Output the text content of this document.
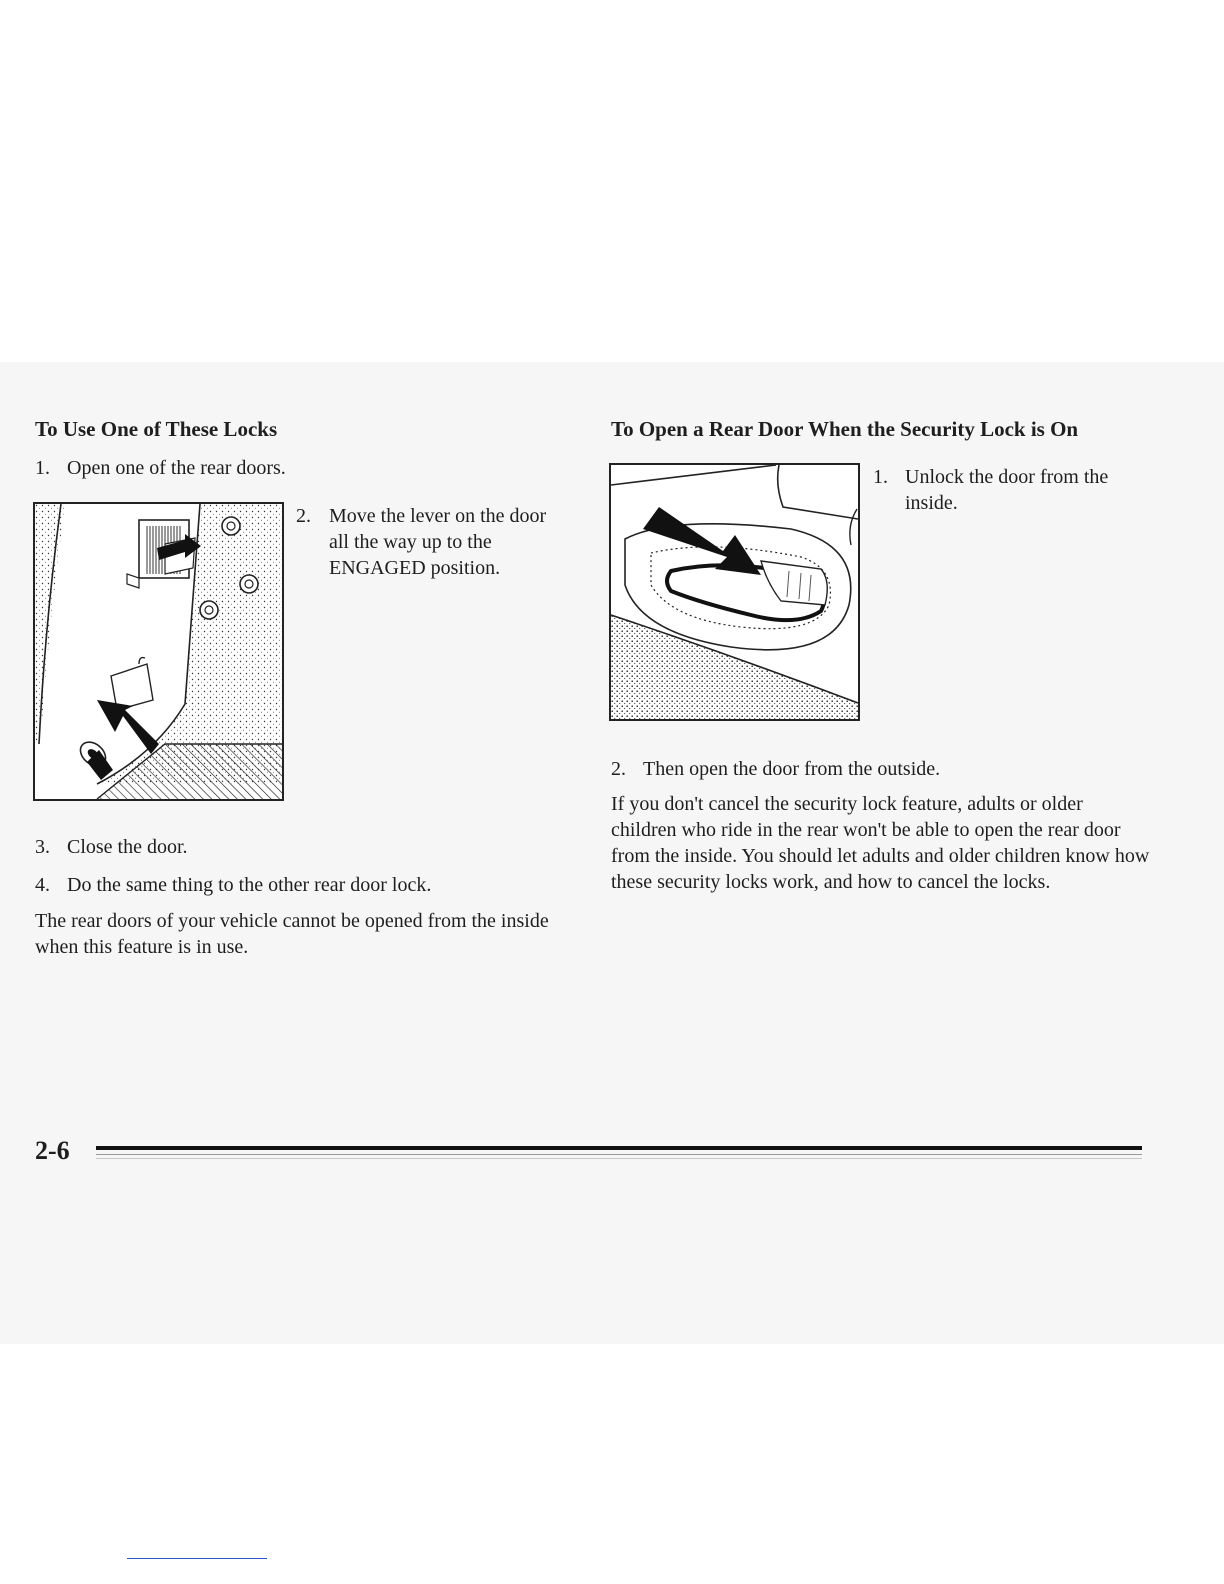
To Use One of These Locks
1. Open one of the rear doors.
2. Move the lever on the door all the way up to the ENGAGED position.
3. Close the door.
4. Do the same thing to the other rear door lock.

The rear doors of your vehicle cannot be opened from the inside when this feature is in use.

To Open a Rear Door When the Security Lock is On
1. Unlock the door from the inside.
2. Then open the door from the outside.

If you don't cancel the security lock feature, adults or older children who ride in the rear won't be able to open the rear door from the inside. You should let adults and older children know how these security locks work, and how to cancel the locks.

2-6
